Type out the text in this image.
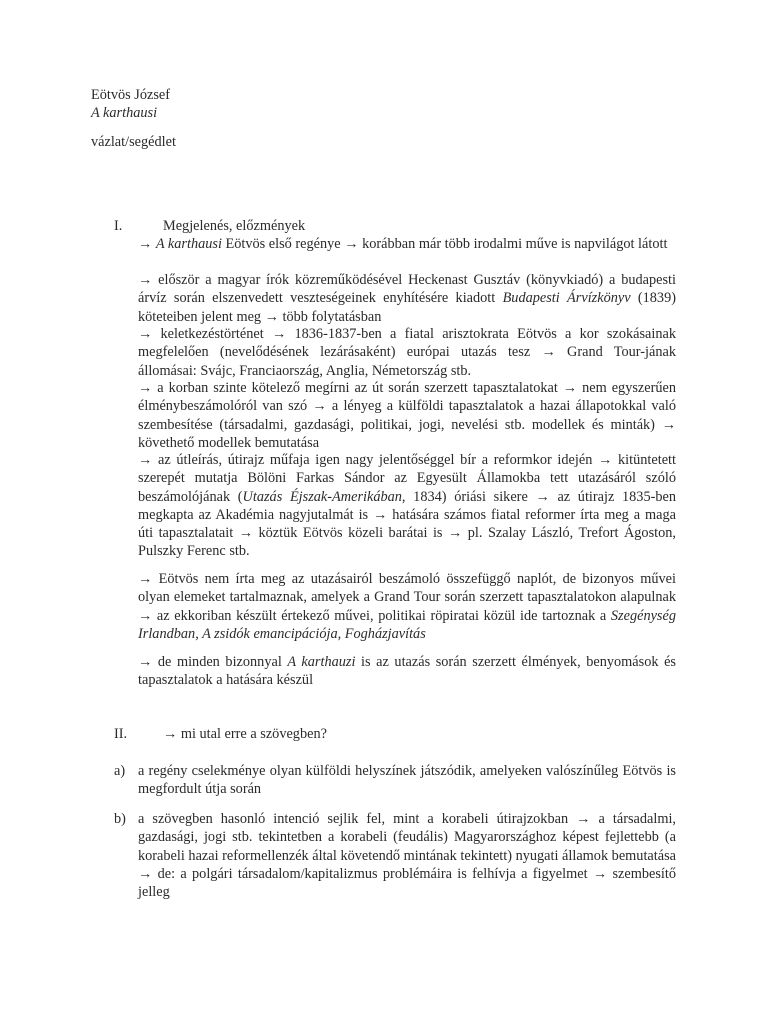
Eötvös József
A karthausi
vázlat/segédlet
I.	Megjelenés, előzmények
→ A karthausi Eötvös első regénye → korábban már több irodalmi műve is napvilágot látott
→ először a magyar írók közreműködésével Heckenast Gusztáv (könyvkiadó) a budapesti árvíz során elszenvedett veszteségeinek enyhítésére kiadott Budapesti Árvízkönyv (1839) köteteiben jelent meg → több folytatásban
→ keletkezéstörténet → 1836-1837-ben a fiatal arisztokrata Eötvös a kor szokásainak megfelelően (nevelődésének lezárásaként) európai utazás tesz → Grand Tour-jának állomásai: Svájc, Franciaország, Anglia, Németország stb.
→ a korban szinte kötelező megírni az út során szerzett tapasztalatokat → nem egyszerűen élménybeszámolóról van szó → a lényeg a külföldi tapasztalatok a hazai állapotokkal való szembesítése (társadalmi, gazdasági, politikai, jogi, nevelési stb. modellek és minták) → követhető modellek bemutatása
→ az útleírás, útirajz műfaja igen nagy jelentőséggel bír a reformkor idején → kitüntetett szerepét mutatja Bölöni Farkas Sándor az Egyesült Államokba tett utazásáról szóló beszámolójának (Utazás Éjszak-Amerikában, 1834) óriási sikere → az útirajz 1835-ben megkapta az Akadémia nagyjutalmát is → hatására számos fiatal reformer írta meg a maga úti tapasztalatait → köztük Eötvös közeli barátai is → pl. Szalay László, Trefort Ágoston, Pulszky Ferenc stb.
→ Eötvös nem írta meg az utazásairól beszámoló összefüggő naplót, de bizonyos művei olyan elemeket tartalmaznak, amelyek a Grand Tour során szerzett tapasztalatokon alapulnak → az ekkoriban készült értekező művei, politikai röpiratai közül ide tartoznak a Szegénység Irlandban, A zsidók emancipációja, Fogházjavítás
→ de minden bizonnyal A karthauzi is az utazás során szerzett élmények, benyomások és tapasztalatok a hatására készül
II.	→ mi utal erre a szövegben?
a) a regény cselekménye olyan külföldi helyszínek játszódik, amelyeken valószínűleg Eötvös is megfordult útja során
b) a szövegben hasonló intenció sejlik fel, mint a korabeli útirajzokban → a társadalmi, gazdasági, jogi stb. tekintetben a korabeli (feudális) Magyarországhoz képest fejlettebb (a korabeli hazai reformellenzék által követendő mintának tekintett) nyugati államok bemutatása → de: a polgári társadalom/kapitalizmus problémáira is felhívja a figyelmet → szembesítő jelleg
